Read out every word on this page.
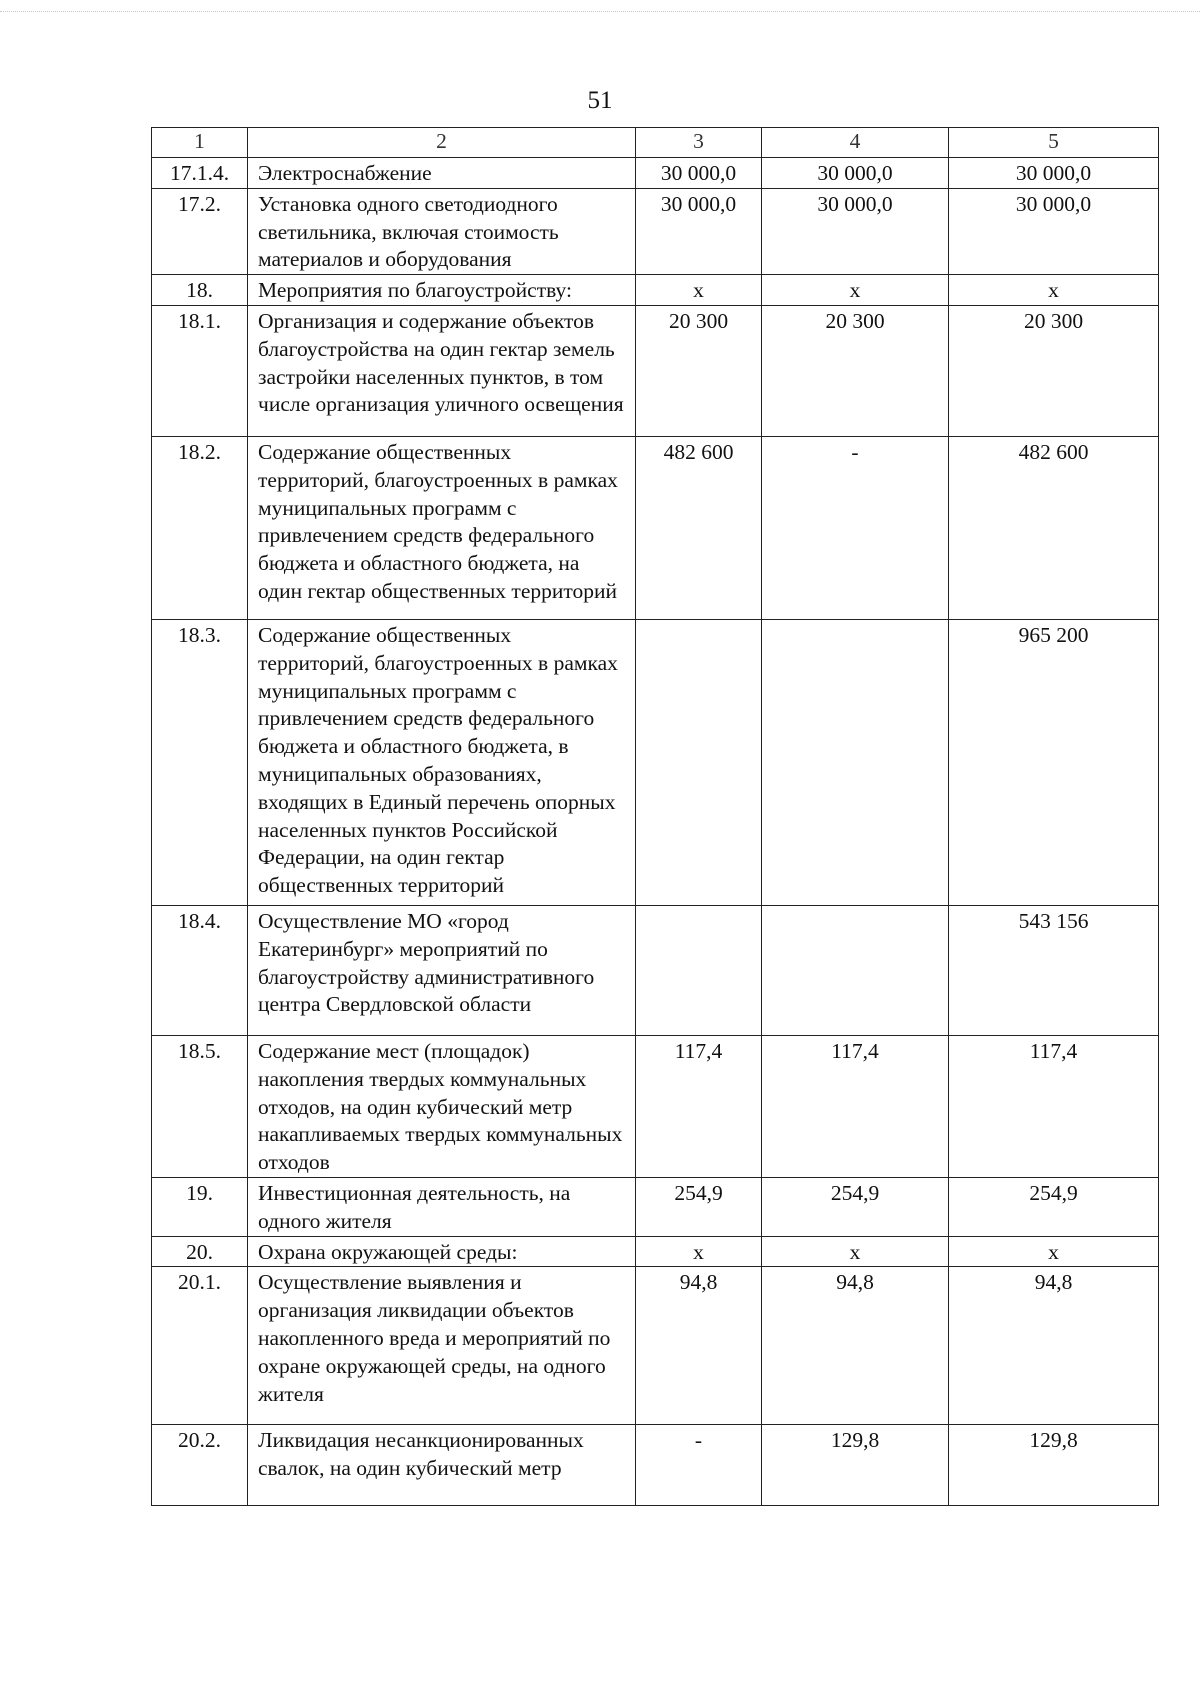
51
1	2	3	4	5
17.1.4.	Электроснабжение	30 000,0	30 000,0	30 000,0
17.2.	Установка одного светодиодного светильника, включая стоимость материалов и оборудования	30 000,0	30 000,0	30 000,0
18.	Мероприятия по благоустройству:	x	x	x
18.1.	Организация и содержание объектов благоустройства на один гектар земель застройки населенных пунктов, в том числе организация уличного освещения	20 300	20 300	20 300
18.2.	Содержание общественных территорий, благоустроенных в рамках муниципальных программ с привлечением средств федерального бюджета и областного бюджета, на один гектар общественных территорий	482 600	-	482 600
18.3.	Содержание общественных территорий, благоустроенных в рамках муниципальных программ с привлечением средств федерального бюджета и областного бюджета, в муниципальных образованиях, входящих в Единый перечень опорных населенных пунктов Российской Федерации, на один гектар общественных территорий			965 200
18.4.	Осуществление МО «город Екатеринбург» мероприятий по благоустройству административного центра Свердловской области			543 156
18.5.	Содержание мест (площадок) накопления твердых коммунальных отходов, на один кубический метр накапливаемых твердых коммунальных отходов	117,4	117,4	117,4
19.	Инвестиционная деятельность, на одного жителя	254,9	254,9	254,9
20.	Охрана окружающей среды:	x	x	x
20.1.	Осуществление выявления и организация ликвидации объектов накопленного вреда и мероприятий по охране окружающей среды, на одного жителя	94,8	94,8	94,8
20.2.	Ликвидация несанкционированных свалок, на один кубический метр	-	129,8	129,8
